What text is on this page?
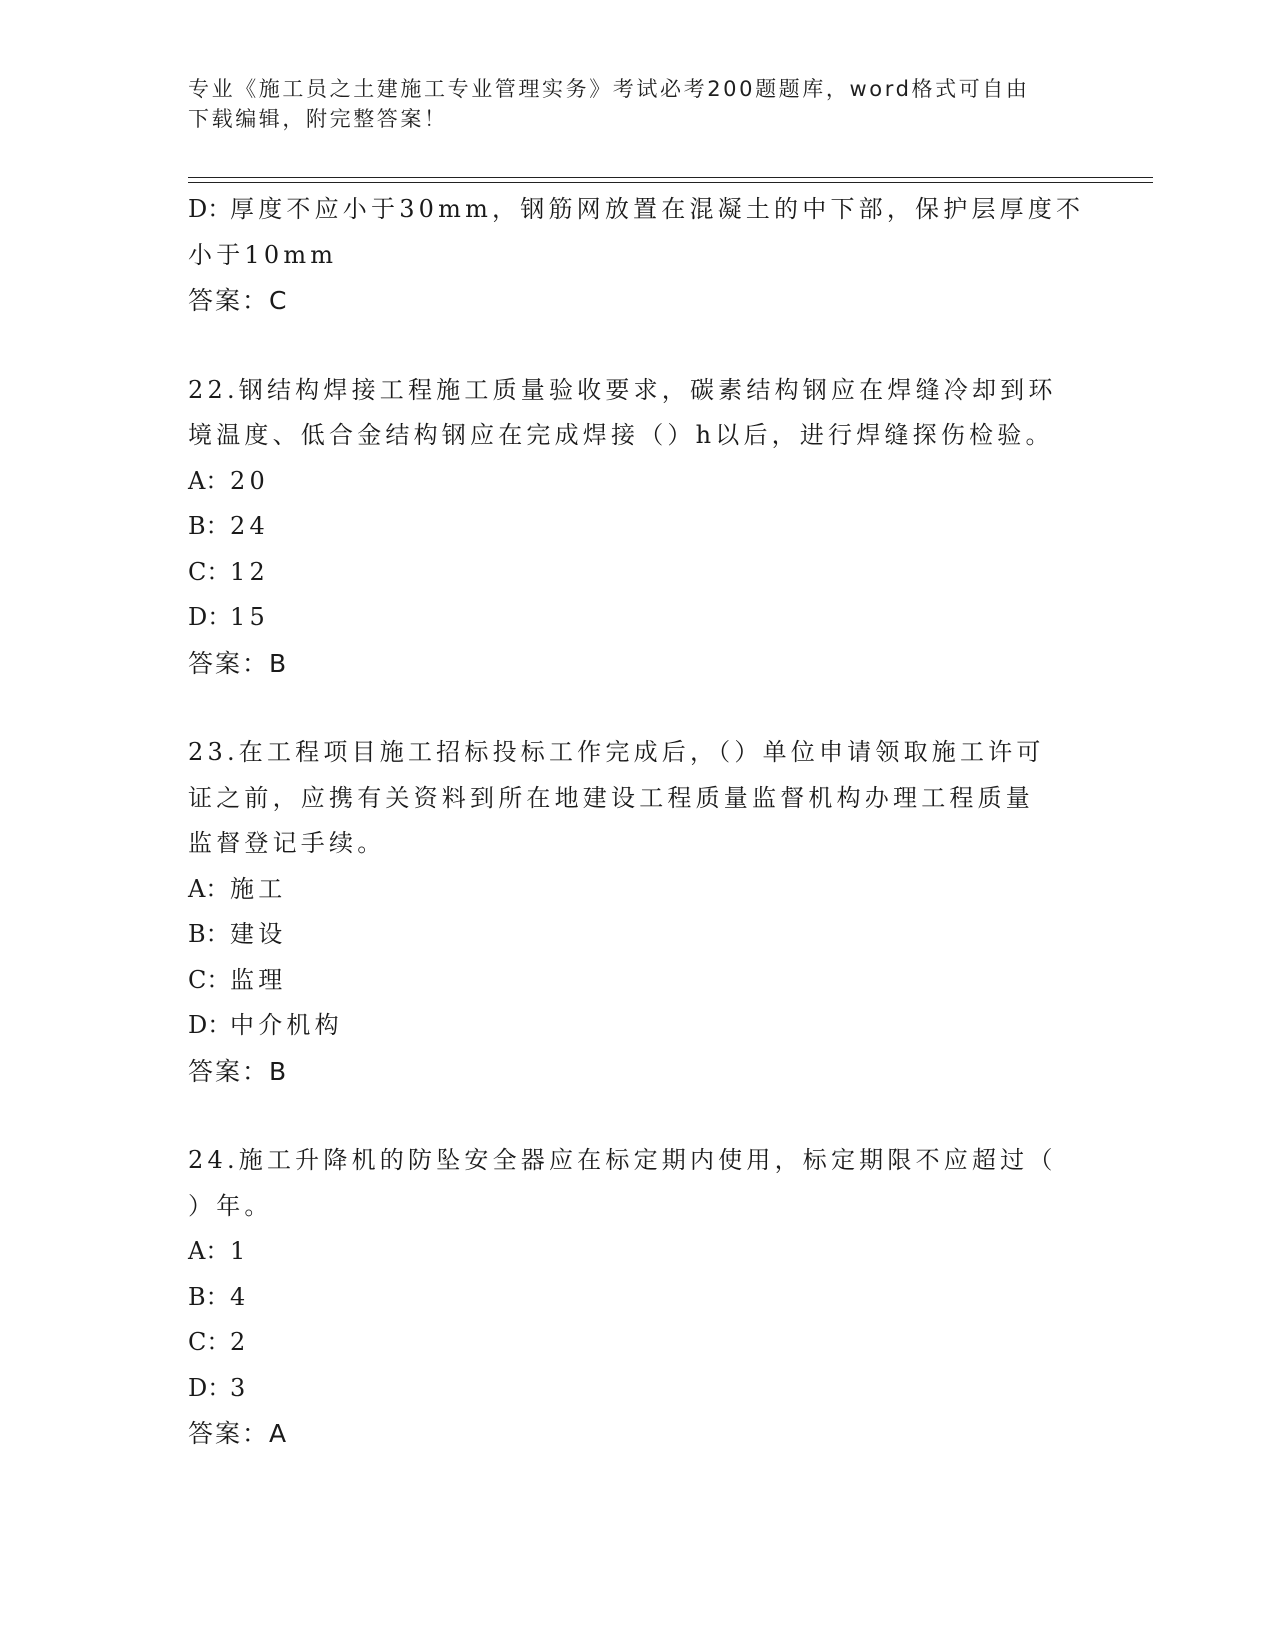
专业《施工员之土建施工专业管理实务》考试必考200题题库，word格式可自由
下载编辑，附完整答案！
D：厚度不应小于30mm，钢筋网放置在混凝土的中下部，保护层厚度不
小于10mm
答案：C
22.钢结构焊接工程施工质量验收要求，碳素结构钢应在焊缝冷却到环
境温度、低合金结构钢应在完成焊接（）h以后，进行焊缝探伤检验。
A：20
B：24
C：12
D：15
答案：B
23.在工程项目施工招标投标工作完成后，（）单位申请领取施工许可
证之前，应携有关资料到所在地建设工程质量监督机构办理工程质量
监督登记手续。
A：施工
B：建设
C：监理
D：中介机构
答案：B
24.施工升降机的防坠安全器应在标定期内使用，标定期限不应超过（
）年。
A：1
B：4
C：2
D：3
答案：A
